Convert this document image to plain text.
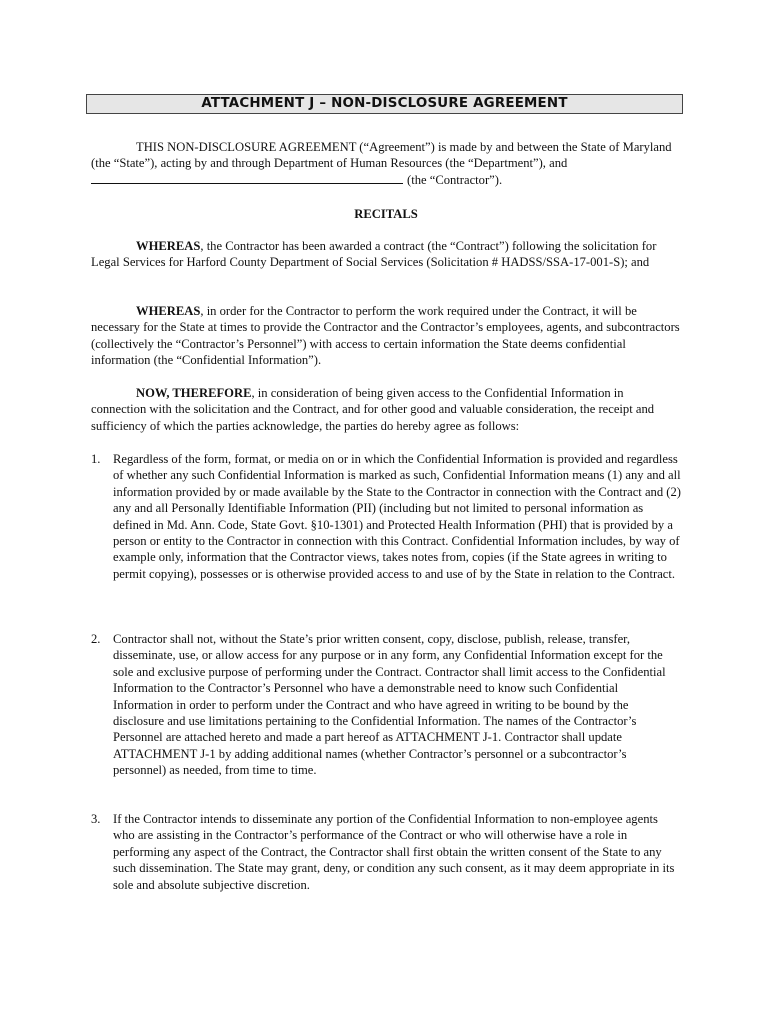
ATTACHMENT J – NON-DISCLOSURE AGREEMENT

THIS NON-DISCLOSURE AGREEMENT (“Agreement”) is made by and between the State of Maryland (the “State”), acting by and through Department of Human Resources (the “Department”), and
(the “Contractor”).

RECITALS

WHEREAS, the Contractor has been awarded a contract (the “Contract”) following the solicitation for Legal Services for Harford County Department of Social Services (Solicitation # HADSS/SSA-17-001-S); and

WHEREAS, in order for the Contractor to perform the work required under the Contract, it will be necessary for the State at times to provide the Contractor and the Contractor’s employees, agents, and subcontractors (collectively the “Contractor’s Personnel”) with access to certain information the State deems confidential information (the “Confidential Information”).

NOW, THEREFORE, in consideration of being given access to the Confidential Information in connection with the solicitation and the Contract, and for other good and valuable consideration, the receipt and sufficiency of which the parties acknowledge, the parties do hereby agree as follows:

1. Regardless of the form, format, or media on or in which the Confidential Information is provided and regardless of whether any such Confidential Information is marked as such, Confidential Information means (1) any and all information provided by or made available by the State to the Contractor in connection with the Contract and (2) any and all Personally Identifiable Information (PII) (including but not limited to personal information as defined in Md. Ann. Code, State Govt. §10-1301) and Protected Health Information (PHI) that is provided by a person or entity to the Contractor in connection with this Contract. Confidential Information includes, by way of example only, information that the Contractor views, takes notes from, copies (if the State agrees in writing to permit copying), possesses or is otherwise provided access to and use of by the State in relation to the Contract.
2. Contractor shall not, without the State’s prior written consent, copy, disclose, publish, release, transfer, disseminate, use, or allow access for any purpose or in any form, any Confidential Information except for the sole and exclusive purpose of performing under the Contract. Contractor shall limit access to the Confidential Information to the Contractor’s Personnel who have a demonstrable need to know such Confidential Information in order to perform under the Contract and who have agreed in writing to be bound by the disclosure and use limitations pertaining to the Confidential Information. The names of the Contractor’s Personnel are attached hereto and made a part hereof as ATTACHMENT J-1. Contractor shall update ATTACHMENT J-1 by adding additional names (whether Contractor’s personnel or a subcontractor’s personnel) as needed, from time to time.
3. If the Contractor intends to disseminate any portion of the Confidential Information to non-employee agents who are assisting in the Contractor’s performance of the Contract or who will otherwise have a role in performing any aspect of the Contract, the Contractor shall first obtain the written consent of the State to any such dissemination. The State may grant, deny, or condition any such consent, as it may deem appropriate in its sole and absolute subjective discretion.
